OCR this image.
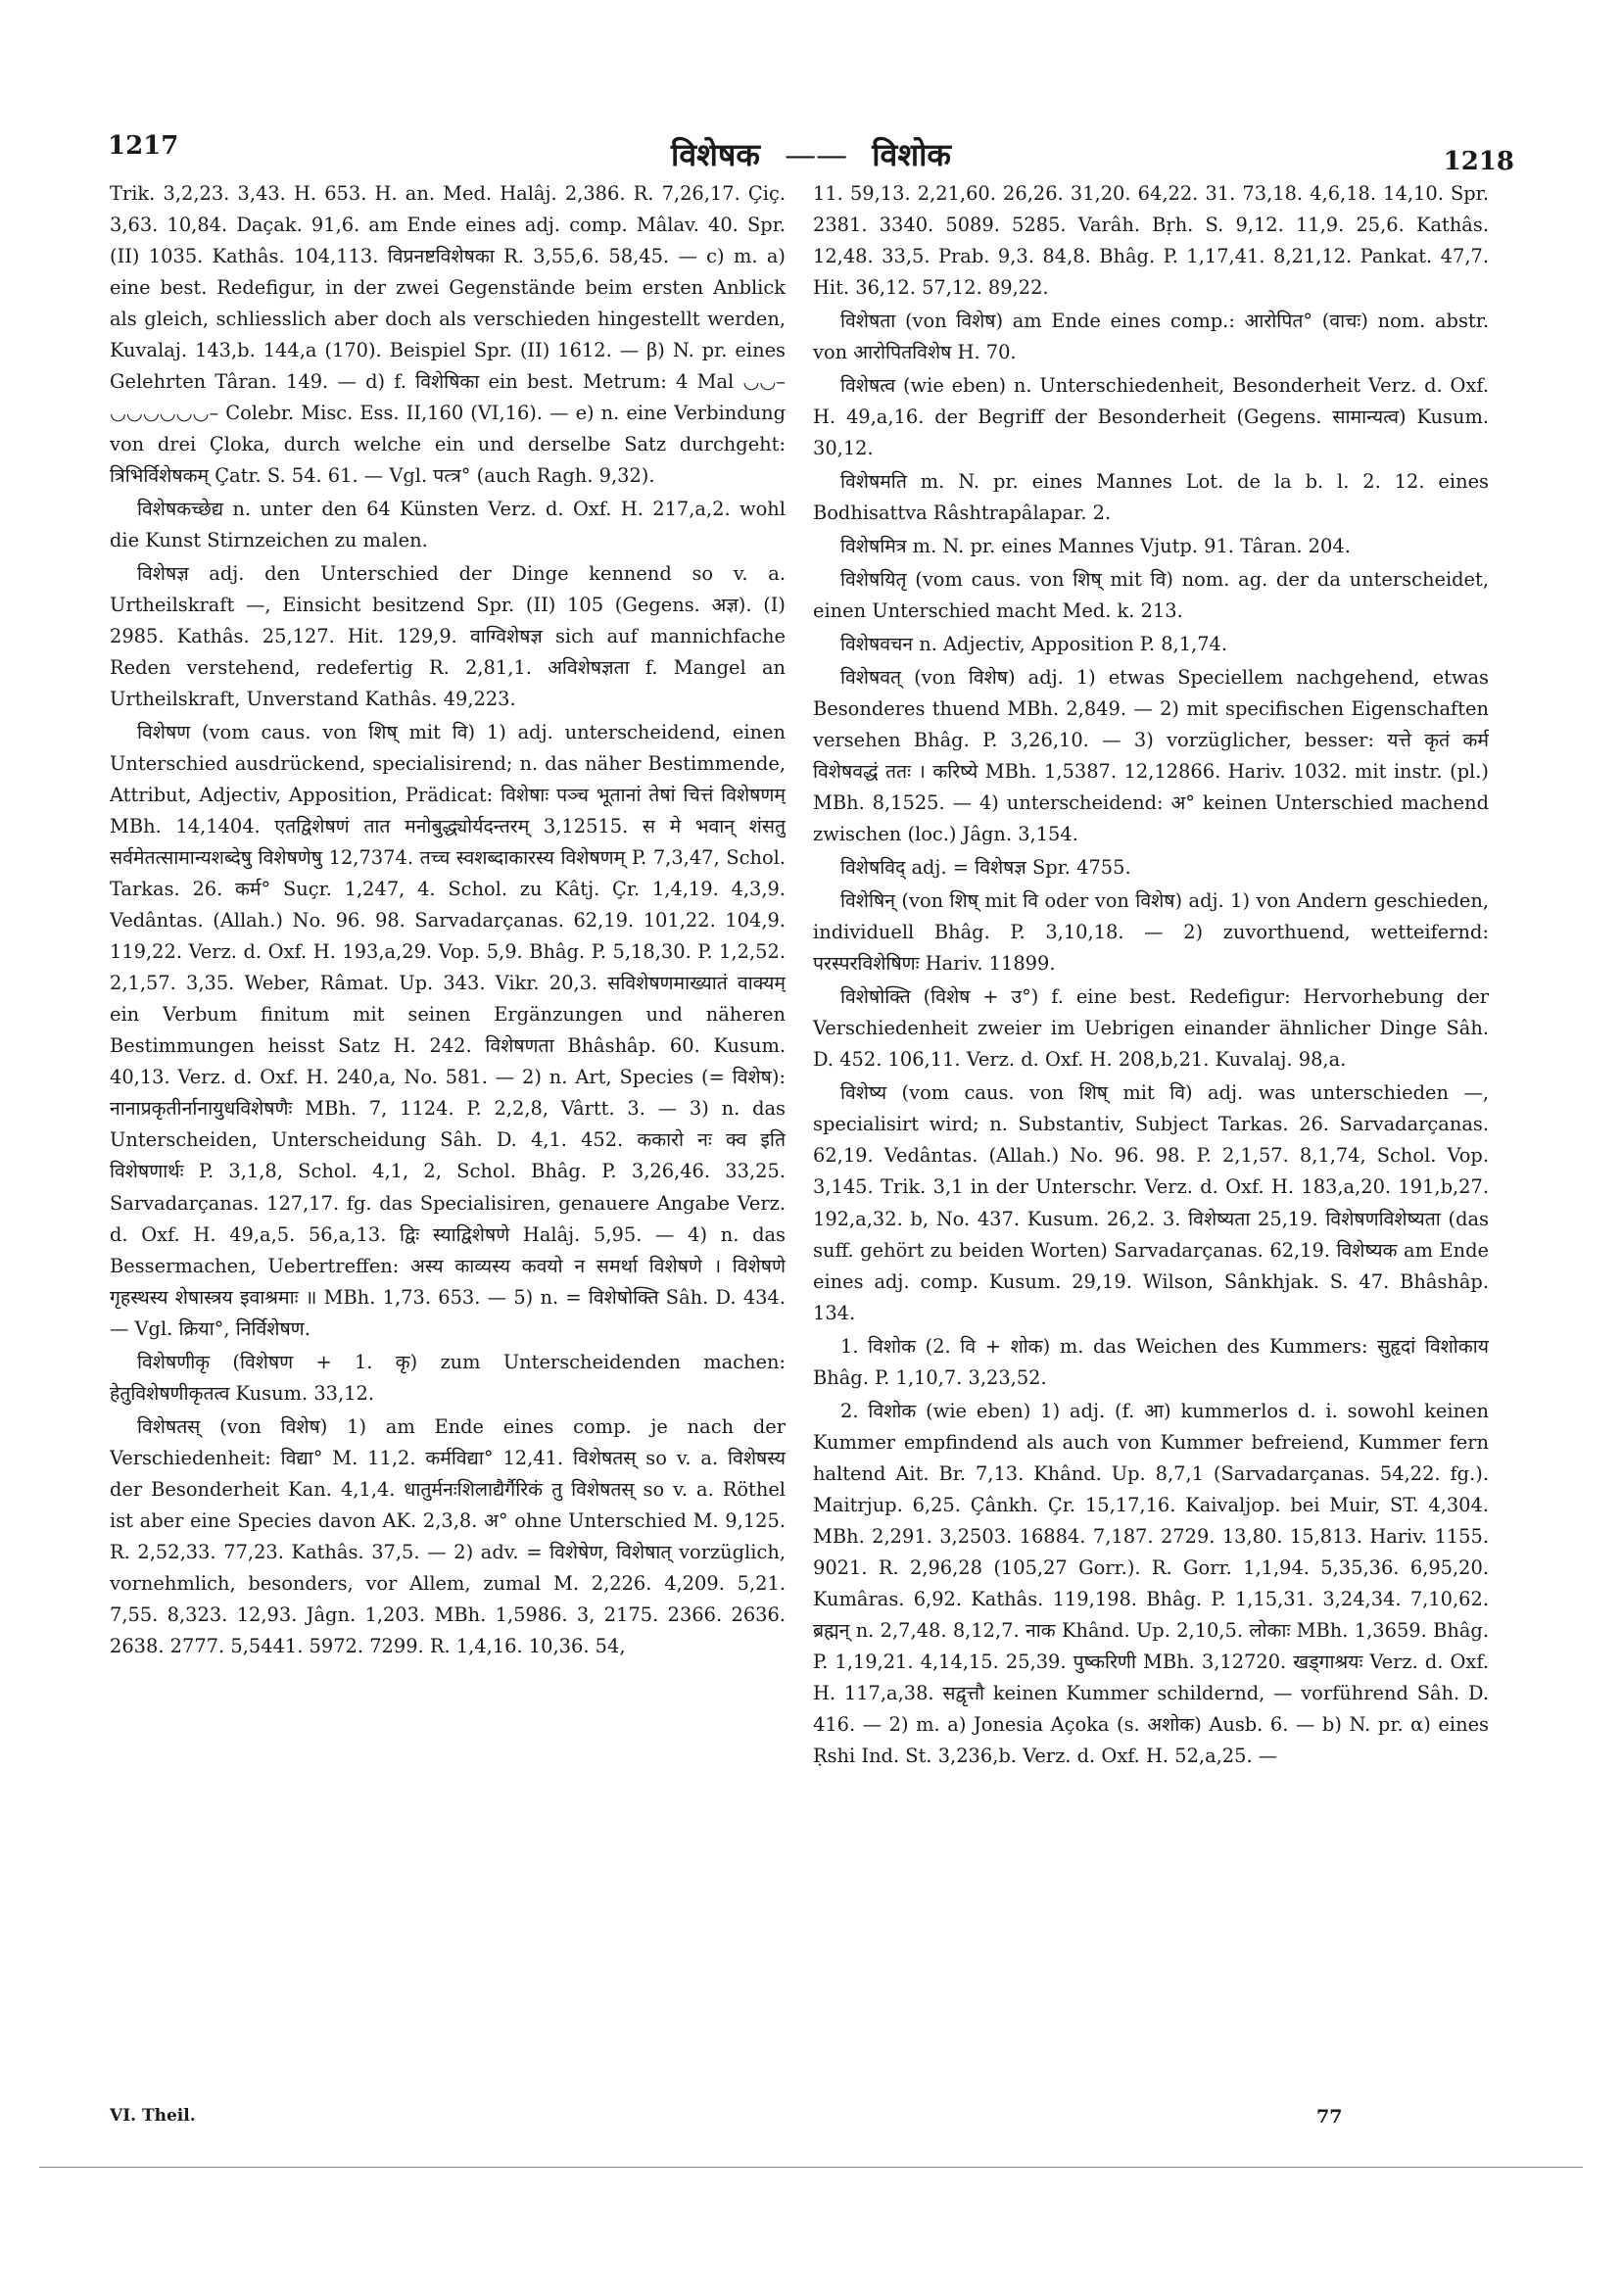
1217	विशेषक —— विशोक	1218

Trik. 3,2,23. 3,43. H. 653. H. an. Med. Halâj. 2,386. R. 7,26,17. Çiç. 3,63. 10,84. Daçak. 91,6. am Ende eines adj. comp. Mâlav. 40. Spr. (II) 1035. Kathâs. 104,113. विप्रनष्टविशेषका R. 3,55,6. 58,45. — c) m. a) eine best. Redefigur, in der zwei Gegenstände beim ersten Anblick als gleich, schliesslich aber doch als verschieden hingestellt werden, Kuvalaj. 143,b. 144,a (170). Beispiel Spr. (II) 1612. — β) N. pr. eines Gelehrten Târan. 149. — d) f. विशेषिका ein best. Metrum: 4 Mal ◡◡–◡◡◡◡◡◡– Colebr. Misc. Ess. II,160 (VI,16). — e) n. eine Verbindung von drei Çloka, durch welche ein und derselbe Satz durchgeht: त्रिभिर्विशेषकम् Çatr. S. 54. 61. — Vgl. पत्त्र° (auch Ragh. 9,32).

विशेषकच्छेद्य n. unter den 64 Künsten Verz. d. Oxf. H. 217,a,2. wohl die Kunst Stirnzeichen zu malen.

विशेषज्ञ adj. den Unterschied der Dinge kennend so v. a. Urtheilskraft —, Einsicht besitzend Spr. (II) 105 (Gegens. अज्ञ). (I) 2985. Kathâs. 25,127. Hit. 129,9. वाग्विशेषज्ञ sich auf mannichfache Reden verstehend, redefertig R. 2,81,1. अविशेषज्ञता f. Mangel an Urtheilskraft, Unverstand Kathâs. 49,223.

विशेषण (vom caus. von शिष् mit वि) 1) adj. unterscheidend, einen Unterschied ausdrückend, specialisirend; n. das näher Bestimmende, Attribut, Adjectiv, Apposition, Prädicat: विशेषाः पञ्च भूतानां तेषां चित्तं विशेषणम् MBh. 14,1404. एतद्विशेषणं तात मनोबुद्ध्योर्यदन्तरम् 3,12515. स मे भवान् शंसतु सर्वमेतत्सामान्यशब्देषु विशेषणेषु 12,7374. तच्च स्वशब्दाकारस्य विशेषणम् P. 7,3,47, Schol. Tarkas. 26. कर्म° Suçr. 1,247, 4. Schol. zu Kâtj. Çr. 1,4,19. 4,3,9. Vedântas. (Allah.) No. 96. 98. Sarvadarçanas. 62,19. 101,22. 104,9. 119,22. Verz. d. Oxf. H. 193,a,29. Vop. 5,9. Bhâg. P. 5,18,30. P. 1,2,52. 2,1,57. 3,35. Weber, Râmat. Up. 343. Vikr. 20,3. सविशेषणमाख्यातं वाक्यम् ein Verbum finitum mit seinen Ergänzungen und näheren Bestimmungen heisst Satz H. 242. विशेषणता Bhâshâp. 60. Kusum. 40,13. Verz. d. Oxf. H. 240,a, No. 581. — 2) n. Art, Species (= विशेष): नानाप्रकृतीर्नानायुधविशेषणैः MBh. 7, 1124. P. 2,2,8, Vârtt. 3. — 3) n. das Unterscheiden, Unterscheidung Sâh. D. 4,1. 452. ककारो नः क्व इति विशेषणार्थः P. 3,1,8, Schol. 4,1, 2, Schol. Bhâg. P. 3,26,46. 33,25. Sarvadarçanas. 127,17. fg. das Specialisiren, genauere Angabe Verz. d. Oxf. H. 49,a,5. 56,a,13. द्विः स्याद्विशेषणे Halâj. 5,95. — 4) n. das Bessermachen, Uebertreffen: अस्य काव्यस्य कवयो न समर्था विशेषणे । विशेषणे गृहस्थस्य शेषास्त्रय इवाश्रमाः ॥ MBh. 1,73. 653. — 5) n. = विशेषोक्ति Sâh. D. 434. — Vgl. क्रिया°, निर्विशेषण.

विशेषणीकृ (विशेषण + 1. कृ) zum Unterscheidenden machen: हेतुविशेषणीकृतत्व Kusum. 33,12.

विशेषतस् (von विशेष) 1) am Ende eines comp. je nach der Verschiedenheit: विद्या° M. 11,2. कर्मविद्या° 12,41. विशेषतस् so v. a. विशेषस्य der Besonderheit Kan. 4,1,4. धातुर्मनःशिलाद्यैर्गैरिकं तु विशेषतस् so v. a. Röthel ist aber eine Species davon AK. 2,3,8. अ° ohne Unterschied M. 9,125. R. 2,52,33. 77,23. Kathâs. 37,5. — 2) adv. = विशेषेण, विशेषात् vorzüglich, vornehmlich, besonders, vor Allem, zumal M. 2,226. 4,209. 5,21. 7,55. 8,323. 12,93. Jâgn. 1,203. MBh. 1,5986. 3, 2175. 2366. 2636. 2638. 2777. 5,5441. 5972. 7299. R. 1,4,16. 10,36. 54,

11. 59,13. 2,21,60. 26,26. 31,20. 64,22. 31. 73,18. 4,6,18. 14,10. Spr. 2381. 3340. 5089. 5285. Varâh. Bṛh. S. 9,12. 11,9. 25,6. Kathâs. 12,48. 33,5. Prab. 9,3. 84,8. Bhâg. P. 1,17,41. 8,21,12. Pankat. 47,7. Hit. 36,12. 57,12. 89,22.

विशेषता (von विशेष) am Ende eines comp.: आरोपित° (वाचः) nom. abstr. von आरोपितविशेष H. 70.

विशेषत्व (wie eben) n. Unterschiedenheit, Besonderheit Verz. d. Oxf. H. 49,a,16. der Begriff der Besonderheit (Gegens. सामान्यत्व) Kusum. 30,12.

विशेषमति m. N. pr. eines Mannes Lot. de la b. l. 2. 12. eines Bodhisattva Râshtrapâlapar. 2.

विशेषमित्र m. N. pr. eines Mannes Vjutp. 91. Târan. 204.

विशेषयितृ (vom caus. von शिष् mit वि) nom. ag. der da unterscheidet, einen Unterschied macht Med. k. 213.

विशेषवचन n. Adjectiv, Apposition P. 8,1,74.

विशेषवत् (von विशेष) adj. 1) etwas Speciellem nachgehend, etwas Besonderes thuend MBh. 2,849. — 2) mit specifischen Eigenschaften versehen Bhâg. P. 3,26,10. — 3) vorzüglicher, besser: यत्ते कृतं कर्म विशेषवद्धं ततः । करिष्ये MBh. 1,5387. 12,12866. Hariv. 1032. mit instr. (pl.) MBh. 8,1525. — 4) unterscheidend: अ° keinen Unterschied machend zwischen (loc.) Jâgn. 3,154.

विशेषविद् adj. = विशेषज्ञ Spr. 4755.

विशेषिन् (von शिष् mit वि oder von विशेष) adj. 1) von Andern geschieden, individuell Bhâg. P. 3,10,18. — 2) zuvorthuend, wetteifernd: परस्परविशेषिणः Hariv. 11899.

विशेषोक्ति (विशेष + उ°) f. eine best. Redefigur: Hervorhebung der Verschiedenheit zweier im Uebrigen einander ähnlicher Dinge Sâh. D. 452. 106,11. Verz. d. Oxf. H. 208,b,21. Kuvalaj. 98,a.

विशेष्य (vom caus. von शिष् mit वि) adj. was unterschieden —, specialisirt wird; n. Substantiv, Subject Tarkas. 26. Sarvadarçanas. 62,19. Vedântas. (Allah.) No. 96. 98. P. 2,1,57. 8,1,74, Schol. Vop. 3,145. Trik. 3,1 in der Unterschr. Verz. d. Oxf. H. 183,a,20. 191,b,27. 192,a,32. b, No. 437. Kusum. 26,2. 3. विशेष्यता 25,19. विशेषणविशेष्यता (das suff. gehört zu beiden Worten) Sarvadarçanas. 62,19. विशेष्यक am Ende eines adj. comp. Kusum. 29,19. Wilson, Sânkhjak. S. 47. Bhâshâp. 134.

1. विशोक (2. वि + शोक) m. das Weichen des Kummers: सुहृदां विशोकाय Bhâg. P. 1,10,7. 3,23,52.

2. विशोक (wie eben) 1) adj. (f. आ) kummerlos d. i. sowohl keinen Kummer empfindend als auch von Kummer befreiend, Kummer fern haltend Ait. Br. 7,13. Khând. Up. 8,7,1 (Sarvadarçanas. 54,22. fg.). Maitrjup. 6,25. Çânkh. Çr. 15,17,16. Kaivaljop. bei Muir, ST. 4,304. MBh. 2,291. 3,2503. 16884. 7,187. 2729. 13,80. 15,813. Hariv. 1155. 9021. R. 2,96,28 (105,27 Gorr.). R. Gorr. 1,1,94. 5,35,36. 6,95,20. Kumâras. 6,92. Kathâs. 119,198. Bhâg. P. 1,15,31. 3,24,34. 7,10,62. ब्रह्मन् n. 2,7,48. 8,12,7. नाक Khând. Up. 2,10,5. लोकाः MBh. 1,3659. Bhâg. P. 1,19,21. 4,14,15. 25,39. पुष्करिणी MBh. 3,12720. खड्गाश्रयः Verz. d. Oxf. H. 117,a,38. सद्वृत्तौ keinen Kummer schildernd, — vorführend Sâh. D. 416. — 2) m. a) Jonesia Açoka (s. अशोक) Ausb. 6. — b) N. pr. α) eines Ṛshi Ind. St. 3,236,b. Verz. d. Oxf. H. 52,a,25. —

VI. Theil.	77
